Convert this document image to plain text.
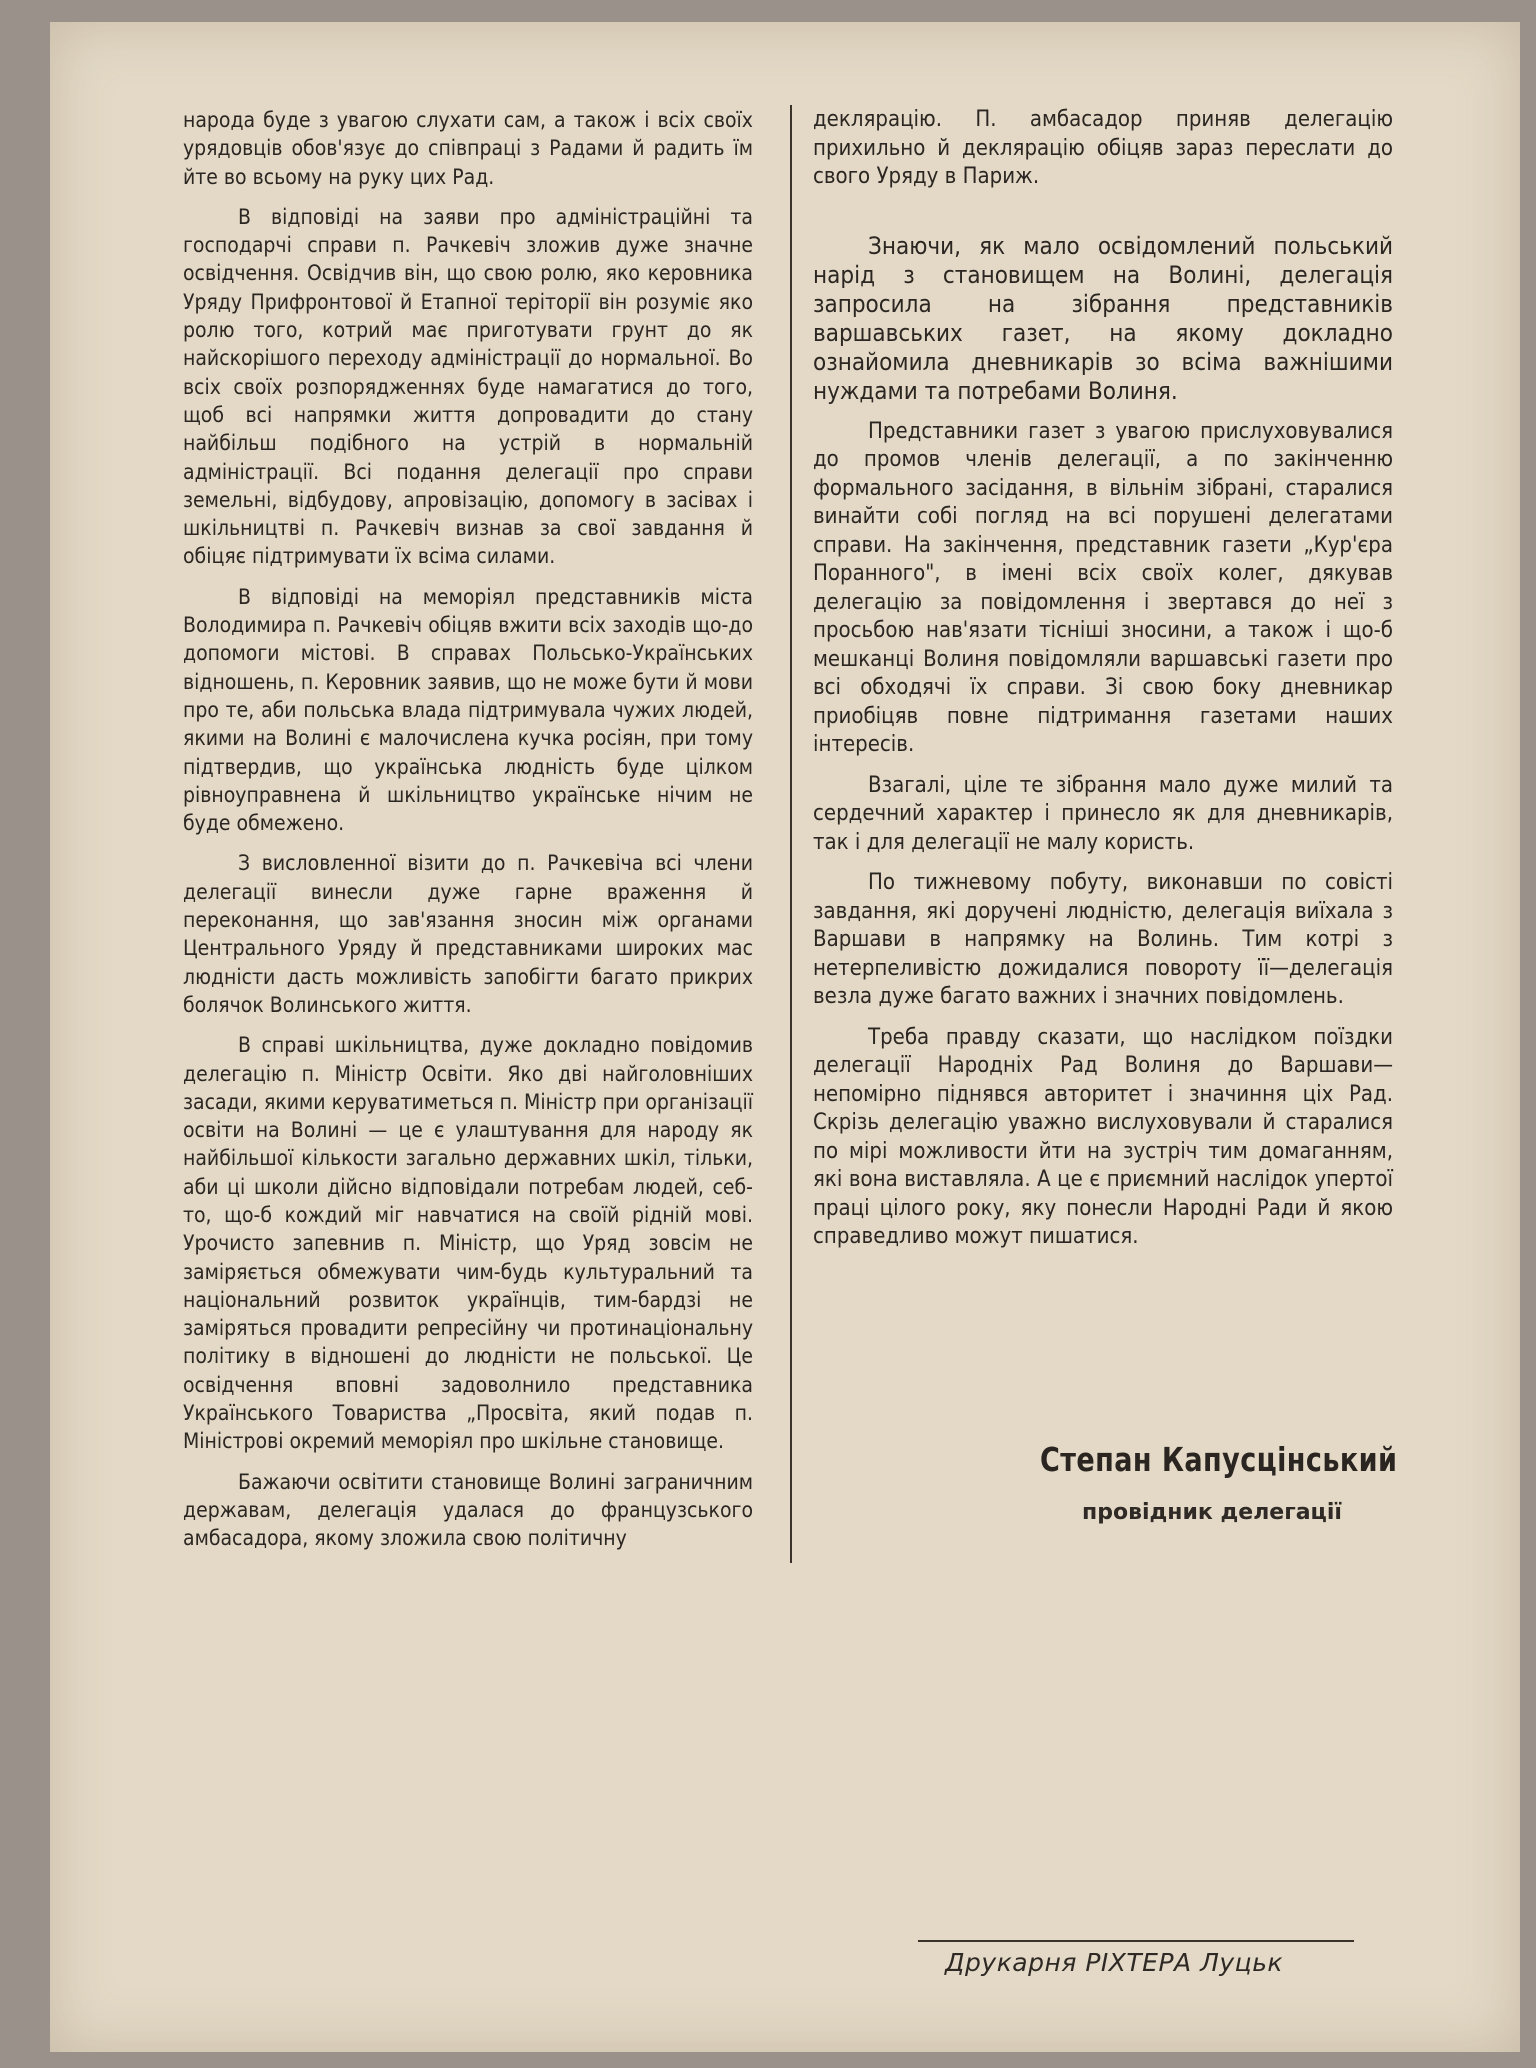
народа буде з увагою слухати сам, а також і всіх своїх урядовців обов'язує до співпраці з Радами й радить їм йте во всьому на руку цих Рад.

В відповіді на заяви про адміністраційні та господарчі справи п. Рачкевіч зложив дуже значне освідчення. Освідчив він, що свою ролю, яко керовника Уряду Прифронтової й Етапної теріторії він розуміє яко ролю того, котрий має приготувати грунт до як найскорішого переходу адміністрації до нормальної. Во всіх своїх розпорядженнях буде намагатися до того, щоб всі напрямки життя допровадити до стану найбільш подібного на устрій в нормальній адміністрації. Всі подання делегації про справи земельні, відбудову, апровізацію, допомогу в засівах і шкільництві п. Рачкевіч визнав за свої завдання й обіцяє підтримувати їх всіма силами.

В відповіді на меморіял представників міста Володимира п. Рачкевіч обіцяв вжити всіх заходів що-до допомоги містові. В справах Польсько-Українських відношень, п. Керовник заявив, що не може бути й мови про те, аби польська влада підтримувала чужих людей, якими на Волині є малочислена кучка росіян, при тому підтвердив, що українська людність буде цілком рівноуправнена й шкільництво українське нічим не буде обмежено.

З висловленної візити до п. Рачкевіча всі члени делегації винесли дуже гарне враження й переконання, що зав'язання зносин між органами Центрального Уряду й представниками широких мас людністи дасть можливість запобігти багато прикрих болячок Волинського життя.

В справі шкільництва, дуже докладно повідомив делегацію п. Міністр Освіти. Яко дві найголовніших засади, якими керуватиметься п. Міністр при організації освіти на Волині — це є улаштування для народу як найбільшої кількости загально державних шкіл, тільки, аби ці школи дійсно відповідали потребам людей, себ-то, що-б кождий міг навчатися на своїй рідній мові. Урочисто запевнив п. Міністр, що Уряд зовсім не заміряється обмежувати чим-будь культуральний та національний розвиток українців, тим-бардзі не заміряться провадити репресійну чи протинаціональну політику в відношені до людністи не польської. Це освідчення вповні задоволнило представника Українського Товариства „Просвіта, який подав п. Міністрові окремий меморіял про шкільне становище.

Бажаючи освітити становище Волині заграничним державам, делегація удалася до французського амбасадора, якому зложила свою політичну

деклярацію. П. амбасадор приняв делегацію прихильно й деклярацію обіцяв зараз переслати до свого Уряду в Париж.

Знаючи, як мало освідомлений польський нарід з становищем на Волині, делегація запросила на зібрання представників варшавських газет, на якому докладно ознайомила дневникарів зо всіма важнішими нуждами та потребами Волиня.

Представники газет з увагою прислуховувалися до промов членів делегації, а по закінченню формального засідання, в вільнім зібрані, старалися винайти собі погляд на всі порушені делегатами справи. На закінчення, представник газети „Кур'єра Поранного", в імені всіх своїх колег, дякував делегацію за повідомлення і звертався до неї з просьбою нав'язати тісніші зносини, а також і що-б мешканці Волиня повідомляли варшавські газети про всі обходячі їх справи. Зі свою боку дневникар приобіцяв повне підтримання газетами наших інтересів.

Взагалі, ціле те зібрання мало дуже милий та сердечний характер і принесло як для дневникарів, так і для делегації не малу користь.

По тижневому побуту, виконавши по совісті завдання, які доручені людністю, делегація виїхала з Варшави в напрямку на Волинь. Тим котрі з нетерпеливістю дожидалися повороту її—делегація везла дуже багато важних і значних повідомлень.

Треба правду сказати, що наслідком поїздки делегації Народніх Рад Волиня до Варшави—непомірно піднявся авторитет і значиння ціх Рад. Скрізь делегацію уважно вислуховували й старалися по мірі можливости йти на зустріч тим домаганням, які вона виставляла. А це є приємний наслідок упертої праці цілого року, яку понесли Народні Ради й якою справедливо можут пишатися.

Степан Капусцінський
провідник делегації
Друкарня РІХТЕРА Луцьк
